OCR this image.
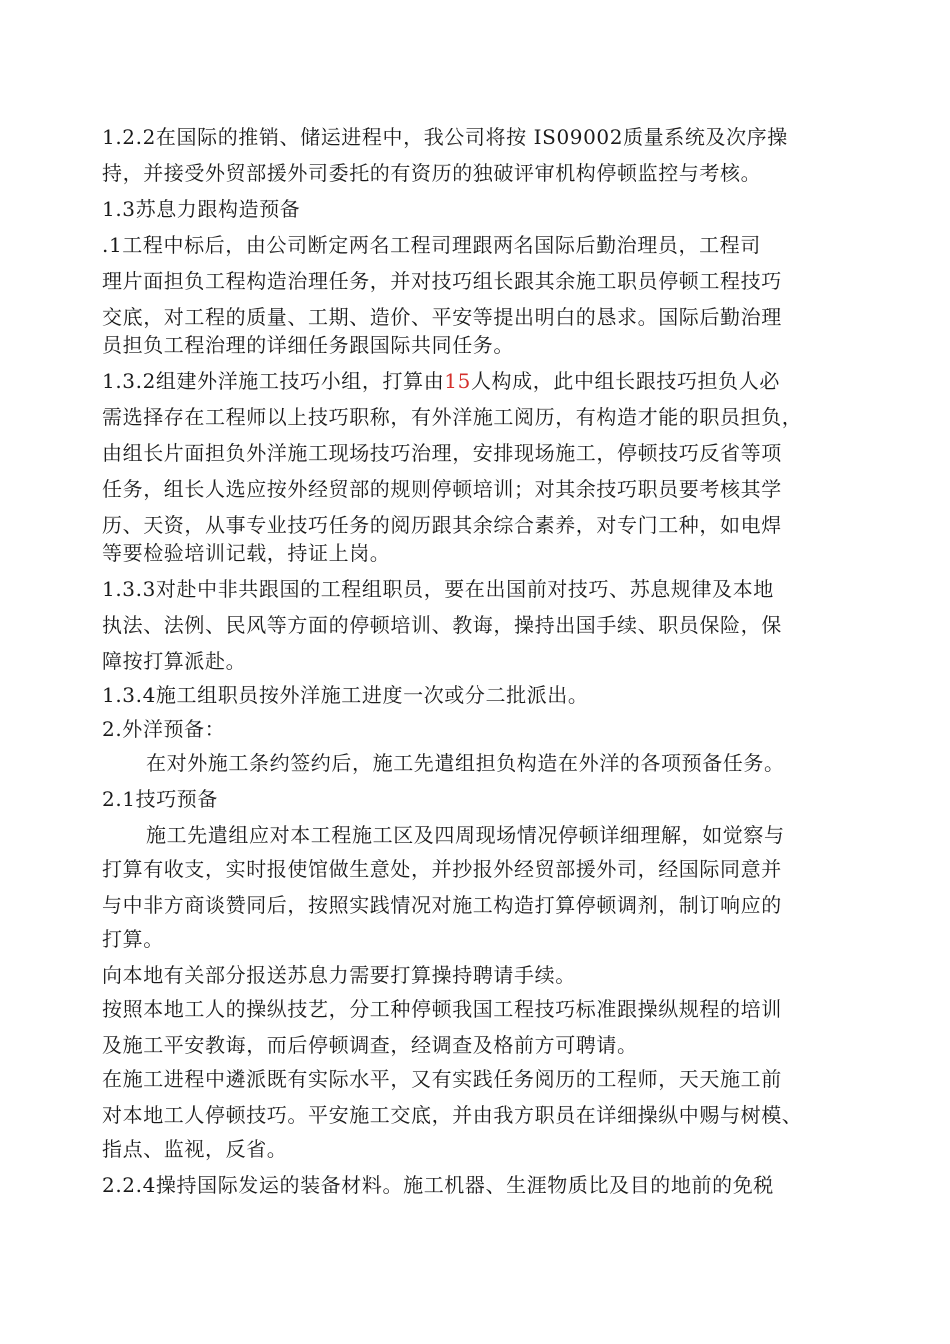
1.2.2在国际的推销、储运进程中，我公司将按 IS09002质量系统及次序操
持，并接受外贸部援外司委托的有资历的独破评审机构停顿监控与考核。
1.3苏息力跟构造预备
.1工程中标后，由公司断定两名工程司理跟两名国际后勤治理员，工程司
理片面担负工程构造治理任务，并对技巧组长跟其余施工职员停顿工程技巧
交底，对工程的质量、工期、造价、平安等提出明白的恳求。国际后勤治理
员担负工程治理的详细任务跟国际共同任务。
1.3.2组建外洋施工技巧小组，打算由15人构成，此中组长跟技巧担负人必
需选择存在工程师以上技巧职称，有外洋施工阅历，有构造才能的职员担负，
由组长片面担负外洋施工现场技巧治理，安排现场施工，停顿技巧反省等项
任务，组长人选应按外经贸部的规则停顿培训；对其余技巧职员要考核其学
历、天资，从事专业技巧任务的阅历跟其余综合素养，对专门工种，如电焊
等要检验培训记载，持证上岗。
1.3.3对赴中非共跟国的工程组职员，要在出国前对技巧、苏息规律及本地
执法、法例、民风等方面的停顿培训、教诲，操持出国手续、职员保险，保
障按打算派赴。
1.3.4施工组职员按外洋施工进度一次或分二批派出。
2.外洋预备：
在对外施工条约签约后，施工先遣组担负构造在外洋的各项预备任务。
2.1技巧预备
施工先遣组应对本工程施工区及四周现场情况停顿详细理解，如觉察与
打算有收支，实时报使馆做生意处，并抄报外经贸部援外司，经国际同意并
与中非方商谈赞同后，按照实践情况对施工构造打算停顿调剂，制订响应的
打算。
向本地有关部分报送苏息力需要打算操持聘请手续。
按照本地工人的操纵技艺，分工种停顿我国工程技巧标准跟操纵规程的培训
及施工平安教诲，而后停顿调查，经调查及格前方可聘请。
在施工进程中遴派既有实际水平，又有实践任务阅历的工程师，天天施工前
对本地工人停顿技巧。平安施工交底，并由我方职员在详细操纵中赐与树模、
指点、监视，反省。
2.2.4操持国际发运的装备材料。施工机器、生涯物质比及目的地前的免税
